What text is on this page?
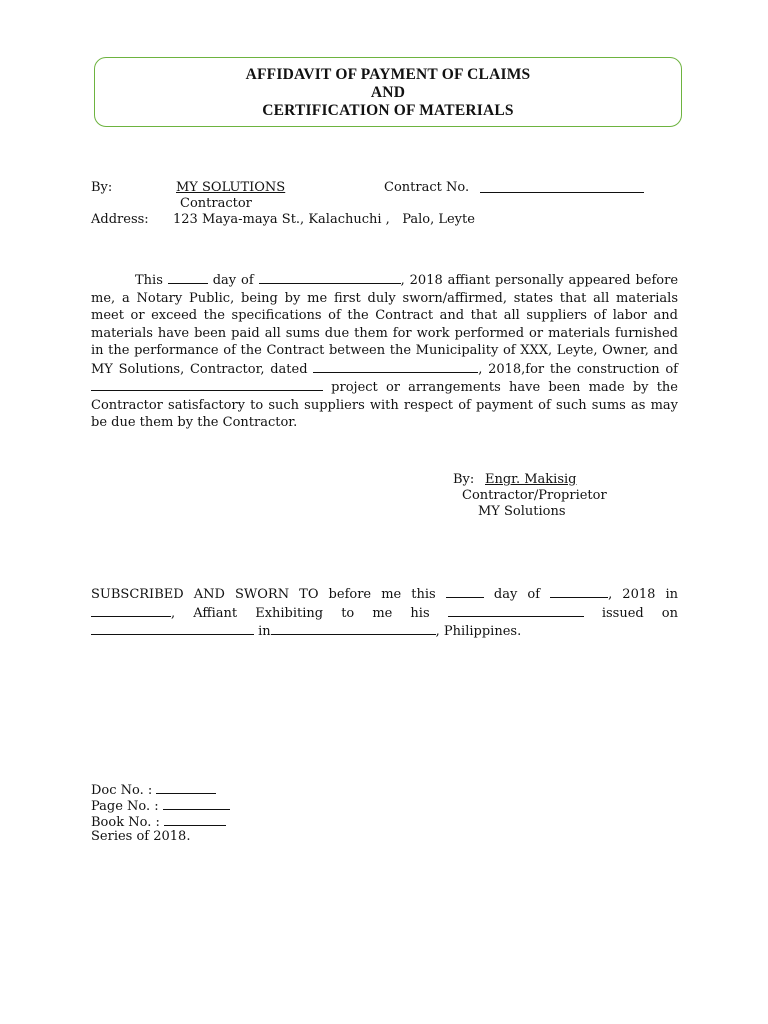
AFFIDAVIT OF PAYMENT OF CLAIMS
AND
CERTIFICATION OF MATERIALS
By:	MY SOLUTIONS	Contract No.
Contractor
Address: 123 Maya-maya St., Kalachuchi ,   Palo, Leyte
This	day of	, 2018 affiant personally appeared before me, a Notary Public, being by me first duly sworn/affirmed, states that all materials meet or exceed the specifications of the Contract and that all suppliers of labor and materials have been paid all sums due them for work performed or materials furnished in the performance of the Contract between the Municipality of XXX, Leyte, Owner, and MY Solutions, Contractor, dated	, 2018,for the construction of  project or arrangements have been made by the Contractor satisfactory to such suppliers with respect of payment of such sums as may be due them by the Contractor.
By: Engr. Makisig
Contractor/Proprietor
MY Solutions
SUBSCRIBED AND SWORN TO before me this	day of	, 2018 in , Affiant Exhibiting to me his	issued on  in	, Philippines.
Doc No. :
Page No. :
Book No. :
Series of 2018.
